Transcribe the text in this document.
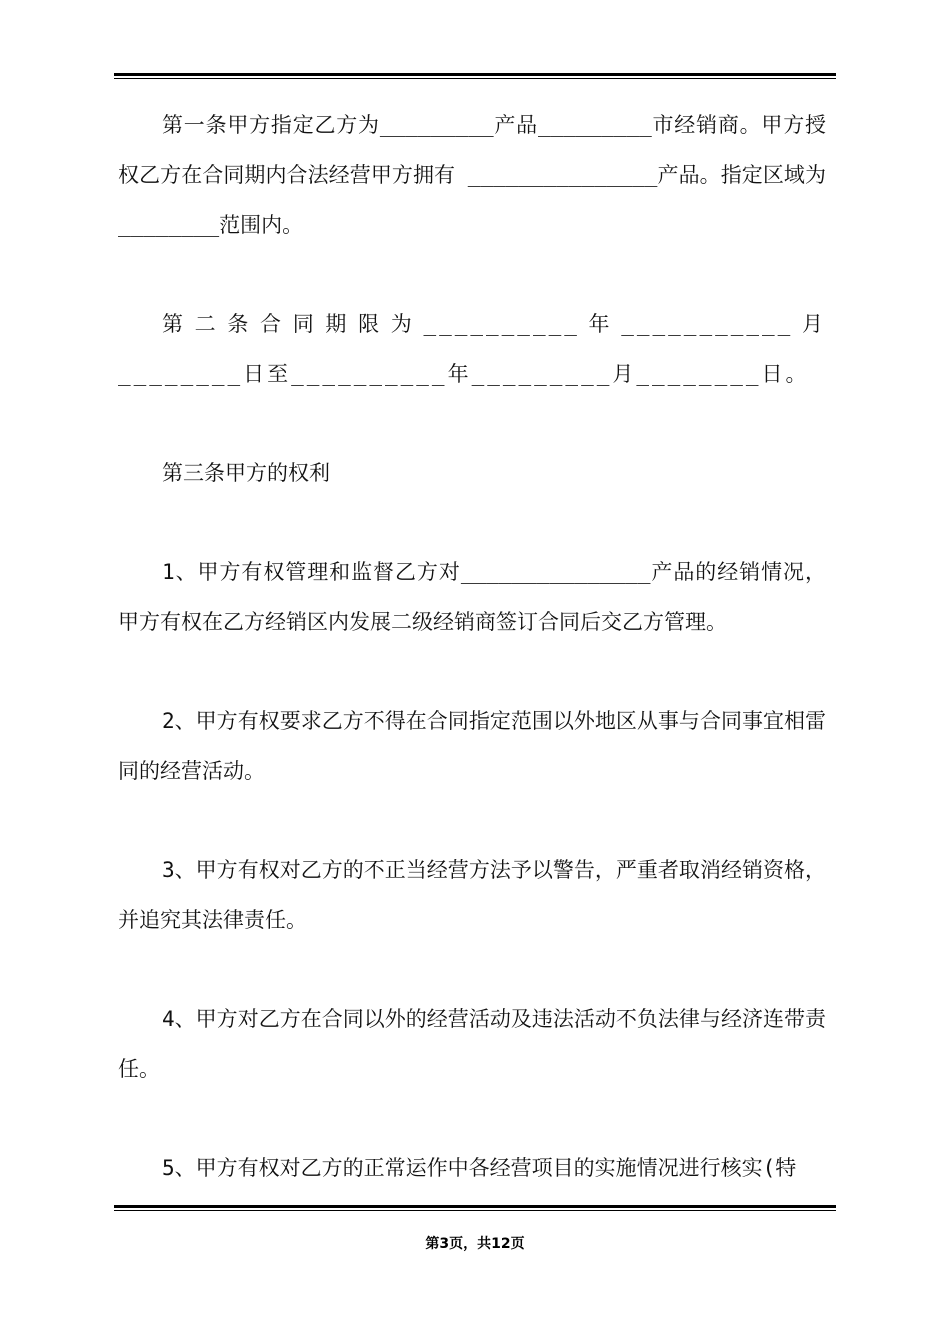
第一条甲方指定乙方为_________产品_________市经销商。甲方授权乙方在合同期内合法经营甲方拥有 _______________产品。指定区域为________范围内。

第二条合同期限为__________年___________月________日至__________年_________月________日。

第三条甲方的权利

1、甲方有权管理和监督乙方对_______________产品的经销情况，甲方有权在乙方经销区内发展二级经销商签订合同后交乙方管理。

2、甲方有权要求乙方不得在合同指定范围以外地区从事与合同事宜相雷同的经营活动。

3、甲方有权对乙方的不正当经营方法予以警告，严重者取消经销资格，并追究其法律责任。

4、甲方对乙方在合同以外的经营活动及违法活动不负法律与经济连带责任。

5、甲方有权对乙方的正常运作中各经营项目的实施情况进行核实(特

第3页，共12页
